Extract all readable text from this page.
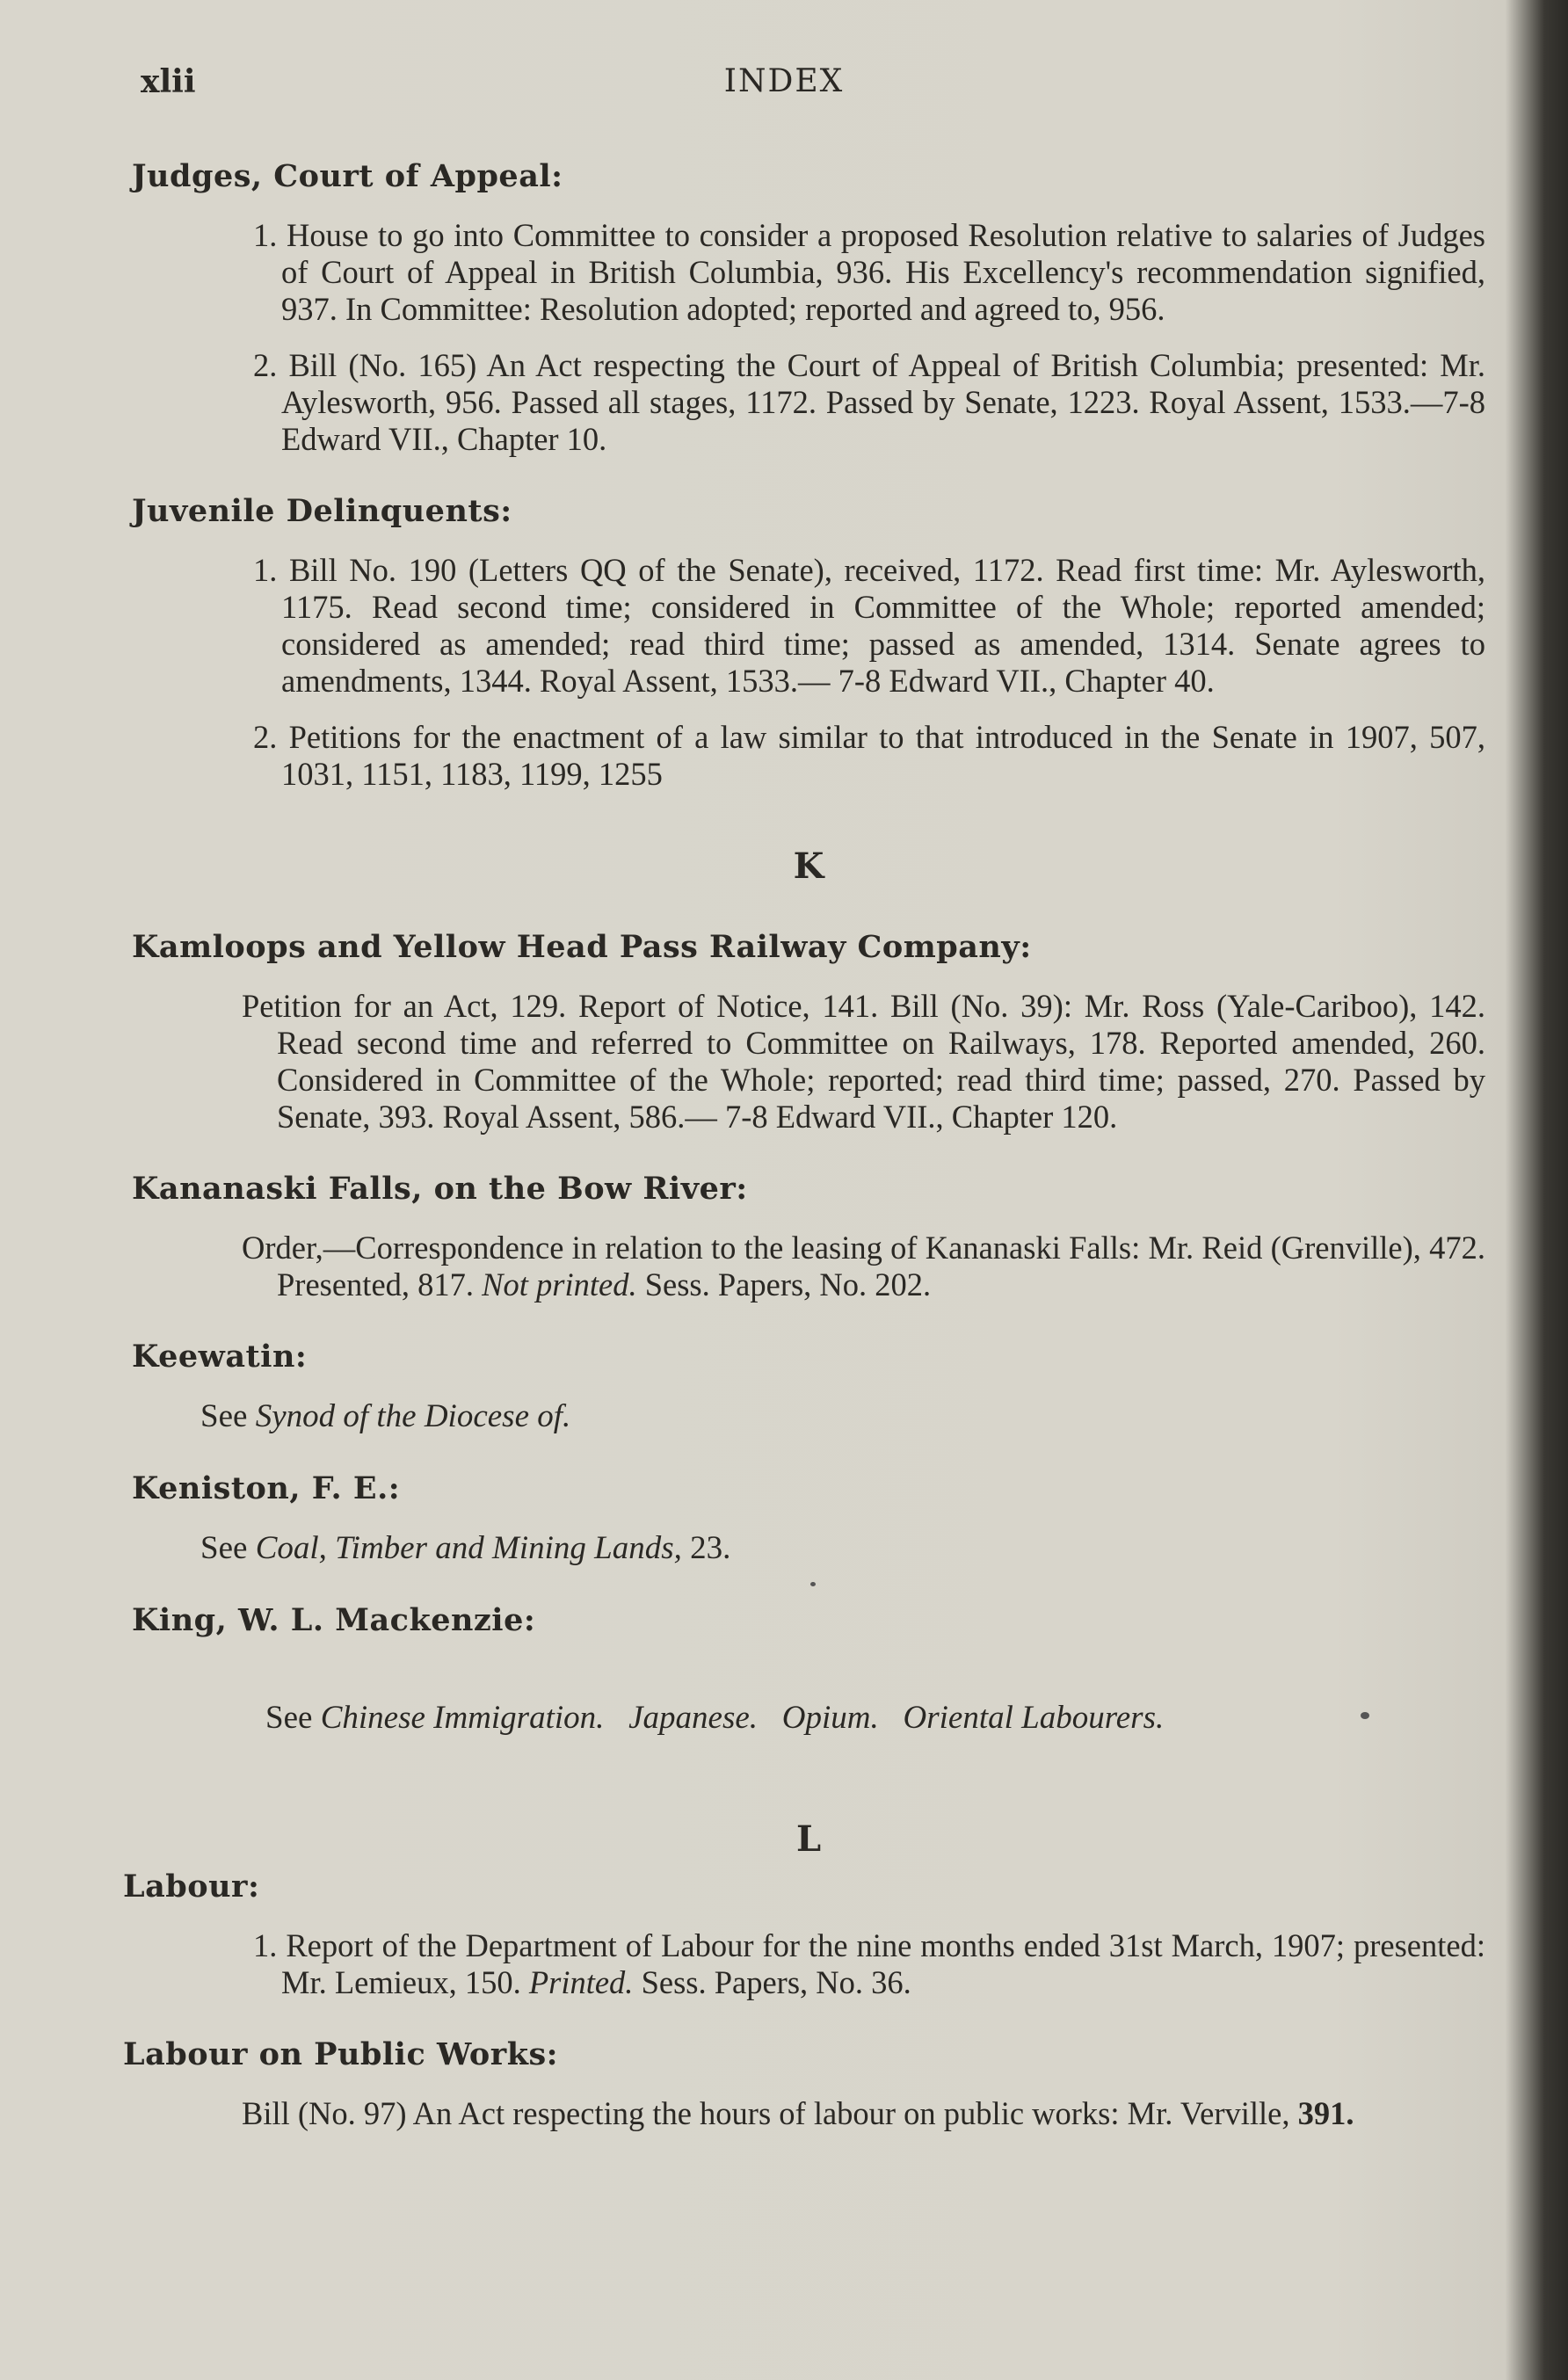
xlii	INDEX
Judges, Court of Appeal:

1. House to go into Committee to consider a proposed Resolution relative to salaries of Judges of Court of Appeal in British Columbia, 936. His Excellency's recommendation signified, 937. In Committee: Resolution adopted; reported and agreed to, 956.

2. Bill (No. 165) An Act respecting the Court of Appeal of British Columbia; presented: Mr. Aylesworth, 956. Passed all stages, 1172. Passed by Senate, 1223. Royal Assent, 1533.—7-8 Edward VII., Chapter 10.

Juvenile Delinquents:

1. Bill No. 190 (Letters QQ of the Senate), received, 1172. Read first time: Mr. Aylesworth, 1175. Read second time; considered in Committee of the Whole; reported amended; considered as amended; read third time; passed as amended, 1314. Senate agrees to amendments, 1344. Royal Assent, 1533.— 7-8 Edward VII., Chapter 40.

2. Petitions for the enactment of a law similar to that introduced in the Senate in 1907, 507, 1031, 1151, 1183, 1199, 1255

K
Kamloops and Yellow Head Pass Railway Company:

Petition for an Act, 129. Report of Notice, 141. Bill (No. 39): Mr. Ross (Yale-Cariboo), 142. Read second time and referred to Committee on Railways, 178. Reported amended, 260. Considered in Committee of the Whole; reported; read third time; passed, 270. Passed by Senate, 393. Royal Assent, 586.— 7-8 Edward VII., Chapter 120.

Kananaski Falls, on the Bow River:

Order,—Correspondence in relation to the leasing of Kananaski Falls: Mr. Reid (Grenville), 472. Presented, 817. Not printed. Sess. Papers, No. 202.

Keewatin:

See Synod of the Diocese of.

Keniston, F. E.:

See Coal, Timber and Mining Lands, 23.

King, W. L. Mackenzie:

See Chinese Immigration.   Japanese.   Opium.   Oriental Labourers.

L
Labour:

1. Report of the Department of Labour for the nine months ended 31st March, 1907; presented: Mr. Lemieux, 150. Printed. Sess. Papers, No. 36.

Labour on Public Works:

Bill (No. 97) An Act respecting the hours of labour on public works: Mr. Verville, 391.
